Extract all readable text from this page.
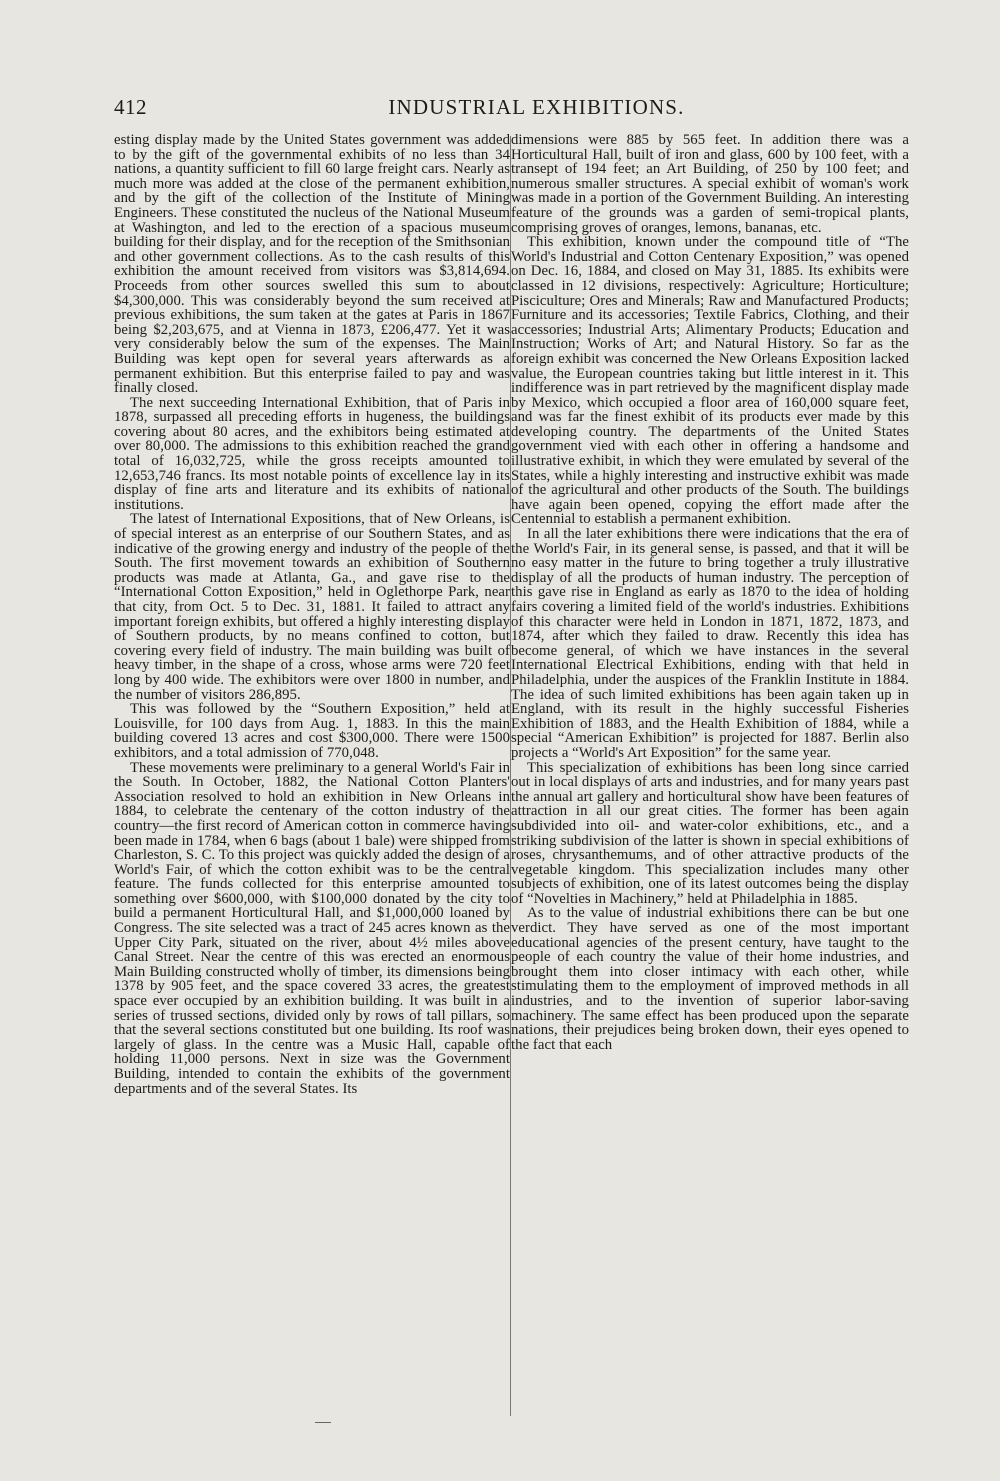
412	INDUSTRIAL EXHIBITIONS.

esting display made by the United States government was added to by the gift of the governmental exhibits of no less than 34 nations, a quantity sufficient to fill 60 large freight cars. Nearly as much more was added at the close of the permanent exhibition, and by the gift of the collection of the Institute of Mining Engineers. These constituted the nucleus of the National Museum at Washington, and led to the erection of a spacious museum building for their display, and for the reception of the Smithsonian and other government collections. As to the cash results of this exhibition the amount received from visitors was $3,814,694. Proceeds from other sources swelled this sum to about $4,300,000. This was considerably beyond the sum received at previous exhibitions, the sum taken at the gates at Paris in 1867 being $2,203,675, and at Vienna in 1873, £206,477. Yet it was very considerably below the sum of the expenses. The Main Building was kept open for several years afterwards as a permanent exhibition. But this enterprise failed to pay and was finally closed.

The next succeeding International Exhibition, that of Paris in 1878, surpassed all preceding efforts in hugeness, the buildings covering about 80 acres, and the exhibitors being estimated at over 80,000. The admissions to this exhibition reached the grand total of 16,032,725, while the gross receipts amounted to 12,653,746 francs. Its most notable points of excellence lay in its display of fine arts and literature and its exhibits of national institutions.

The latest of International Expositions, that of New Orleans, is of special interest as an enterprise of our Southern States, and as indicative of the growing energy and industry of the people of the South. The first movement towards an exhibition of Southern products was made at Atlanta, Ga., and gave rise to the “International Cotton Exposition,” held in Oglethorpe Park, near that city, from Oct. 5 to Dec. 31, 1881. It failed to attract any important foreign exhibits, but offered a highly interesting display of Southern products, by no means confined to cotton, but covering every field of industry. The main building was built of heavy timber, in the shape of a cross, whose arms were 720 feet long by 400 wide. The exhibitors were over 1800 in number, and the number of visitors 286,895.

This was followed by the “Southern Exposition,” held at Louisville, for 100 days from Aug. 1, 1883. In this the main building covered 13 acres and cost $300,000. There were 1500 exhibitors, and a total admission of 770,048.

These movements were preliminary to a general World's Fair in the South. In October, 1882, the National Cotton Planters' Association resolved to hold an exhibition in New Orleans in 1884, to celebrate the centenary of the cotton industry of the country—the first record of American cotton in commerce having been made in 1784, when 6 bags (about 1 bale) were shipped from Charleston, S. C. To this project was quickly added the design of a World's Fair, of which the cotton exhibit was to be the central feature. The funds collected for this enterprise amounted to something over $600,000, with $100,000 donated by the city to build a permanent Horticultural Hall, and $1,000,000 loaned by Congress. The site selected was a tract of 245 acres known as the Upper City Park, situated on the river, about 4½ miles above Canal Street. Near the centre of this was erected an enormous Main Building constructed wholly of timber, its dimensions being 1378 by 905 feet, and the space covered 33 acres, the greatest space ever occupied by an exhibition building. It was built in a series of trussed sections, divided only by rows of tall pillars, so that the several sections constituted but one building. Its roof was largely of glass. In the centre was a Music Hall, capable of holding 11,000 persons. Next in size was the Government Building, intended to contain the exhibits of the government departments and of the several States. Its

dimensions were 885 by 565 feet. In addition there was a Horticultural Hall, built of iron and glass, 600 by 100 feet, with a transept of 194 feet; an Art Building, of 250 by 100 feet; and numerous smaller structures. A special exhibit of woman's work was made in a portion of the Government Building. An interesting feature of the grounds was a garden of semi-tropical plants, comprising groves of oranges, lemons, bananas, etc.

This exhibition, known under the compound title of “The World's Industrial and Cotton Centenary Exposition,” was opened on Dec. 16, 1884, and closed on May 31, 1885. Its exhibits were classed in 12 divisions, respectively: Agriculture; Horticulture; Pisciculture; Ores and Minerals; Raw and Manufactured Products; Furniture and its accessories; Textile Fabrics, Clothing, and their accessories; Industrial Arts; Alimentary Products; Education and Instruction; Works of Art; and Natural History. So far as the foreign exhibit was concerned the New Orleans Exposition lacked value, the European countries taking but little interest in it. This indifference was in part retrieved by the magnificent display made by Mexico, which occupied a floor area of 160,000 square feet, and was far the finest exhibit of its products ever made by this developing country. The departments of the United States government vied with each other in offering a handsome and illustrative exhibit, in which they were emulated by several of the States, while a highly interesting and instructive exhibit was made of the agricultural and other products of the South. The buildings have again been opened, copying the effort made after the Centennial to establish a permanent exhibition.

In all the later exhibitions there were indications that the era of the World's Fair, in its general sense, is passed, and that it will be no easy matter in the future to bring together a truly illustrative display of all the products of human industry. The perception of this gave rise in England as early as 1870 to the idea of holding fairs covering a limited field of the world's industries. Exhibitions of this character were held in London in 1871, 1872, 1873, and 1874, after which they failed to draw. Recently this idea has become general, of which we have instances in the several International Electrical Exhibitions, ending with that held in Philadelphia, under the auspices of the Franklin Institute in 1884. The idea of such limited exhibitions has been again taken up in England, with its result in the highly successful Fisheries Exhibition of 1883, and the Health Exhibition of 1884, while a special “American Exhibition” is projected for 1887. Berlin also projects a “World's Art Exposition” for the same year.

This specialization of exhibitions has been long since carried out in local displays of arts and industries, and for many years past the annual art gallery and horticultural show have been features of attraction in all our great cities. The former has been again subdivided into oil- and water-color exhibitions, etc., and a striking subdivision of the latter is shown in special exhibitions of roses, chrysanthemums, and of other attractive products of the vegetable kingdom. This specialization includes many other subjects of exhibition, one of its latest outcomes being the display of “Novelties in Machinery,” held at Philadelphia in 1885.

As to the value of industrial exhibitions there can be but one verdict. They have served as one of the most important educational agencies of the present century, have taught to the people of each country the value of their home industries, and brought them into closer intimacy with each other, while stimulating them to the employment of improved methods in all industries, and to the invention of superior labor-saving machinery. The same effect has been produced upon the separate nations, their prejudices being broken down, their eyes opened to the fact that each
